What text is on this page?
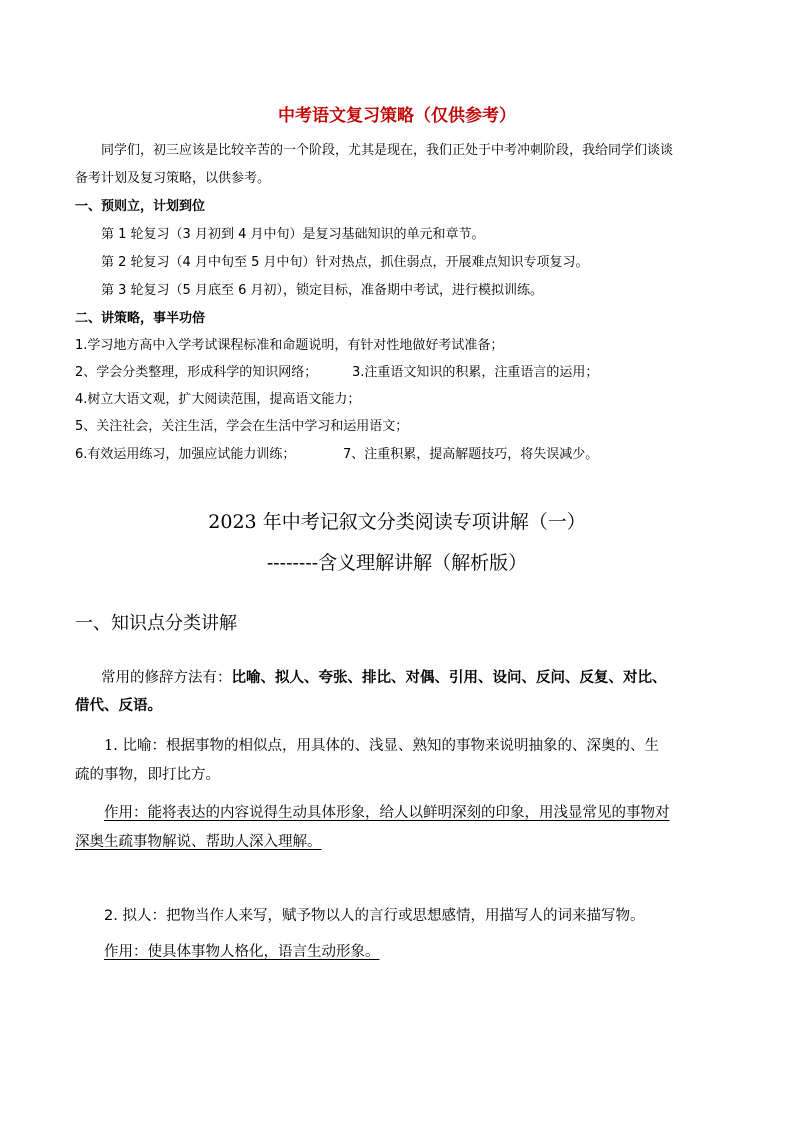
中考语文复习策略（仅供参考）
同学们，初三应该是比较辛苦的一个阶段，尤其是现在，我们正处于中考冲刺阶段，我给同学们谈谈
备考计划及复习策略，以供参考。
一、预则立，计划到位
第 1 轮复习（3 月初到 4 月中旬）是复习基础知识的单元和章节。
第 2 轮复习（4 月中旬至 5 月中旬）针对热点，抓住弱点，开展难点知识专项复习。
第 3 轮复习（5 月底至 6 月初），锁定目标，准备期中考试，进行模拟训练。
二、讲策略，事半功倍
1.学习地方高中入学考试课程标准和命题说明，有针对性地做好考试准备；
2、学会分类整理，形成科学的知识网络；	3.注重语文知识的积累，注重语言的运用；
4.树立大语文观，扩大阅读范围，提高语文能力；
5、关注社会，关注生活，学会在生活中学习和运用语文；
6.有效运用练习，加强应试能力训练；	7、注重积累，提高解题技巧，将失误减少。
2023 年中考记叙文分类阅读专项讲解（一）
--------含义理解讲解（解析版）
一、知识点分类讲解
常用的修辞方法有：比喻、拟人、夸张、排比、对偶、引用、设问、反问、反复、对比、
借代、反语。
1. 比喻：根据事物的相似点，用具体的、浅显、熟知的事物来说明抽象的、深奥的、生
疏的事物，即打比方。
作用：能将表达的内容说得生动具体形象，给人以鲜明深刻的印象，用浅显常见的事物对
深奥生疏事物解说、帮助人深入理解。
2. 拟人：把物当作人来写，赋予物以人的言行或思想感情，用描写人的词来描写物。
作用：使具体事物人格化，语言生动形象。
